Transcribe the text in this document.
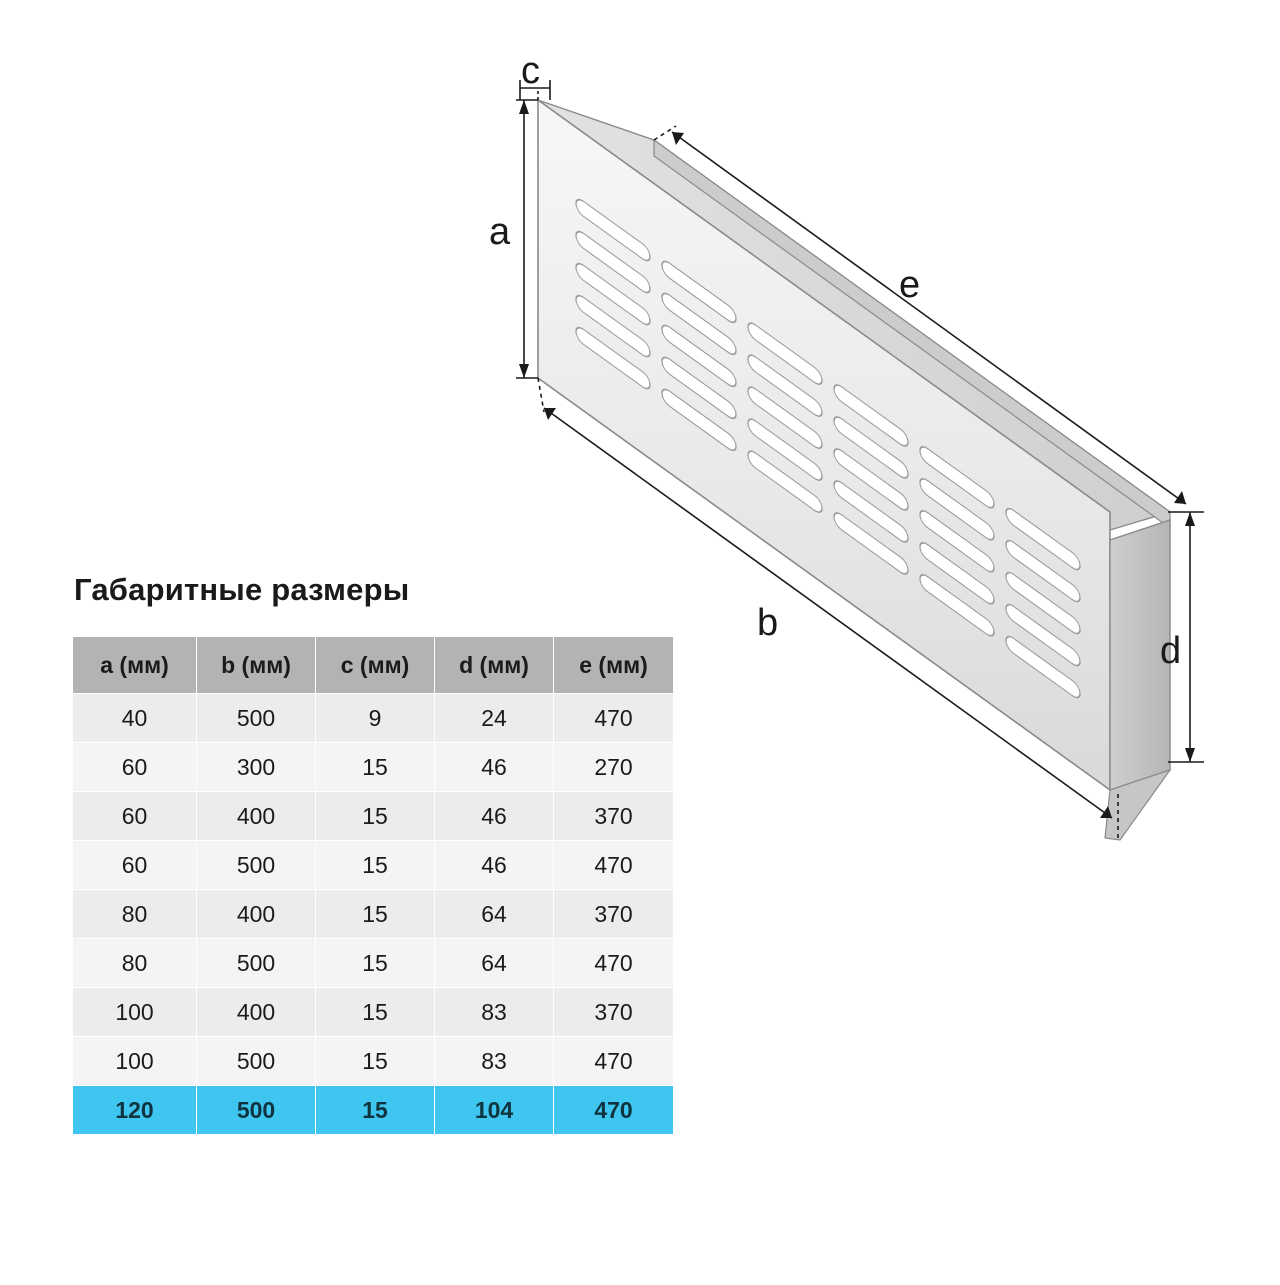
c
a
b
e
d
Габаритные размеры
a (мм)	b (мм)	c (мм)	d (мм)	e (мм)
40	500	9	24	470
60	300	15	46	270
60	400	15	46	370
60	500	15	46	470
80	400	15	64	370
80	500	15	64	470
100	400	15	83	370
100	500	15	83	470
120	500	15	104	470
